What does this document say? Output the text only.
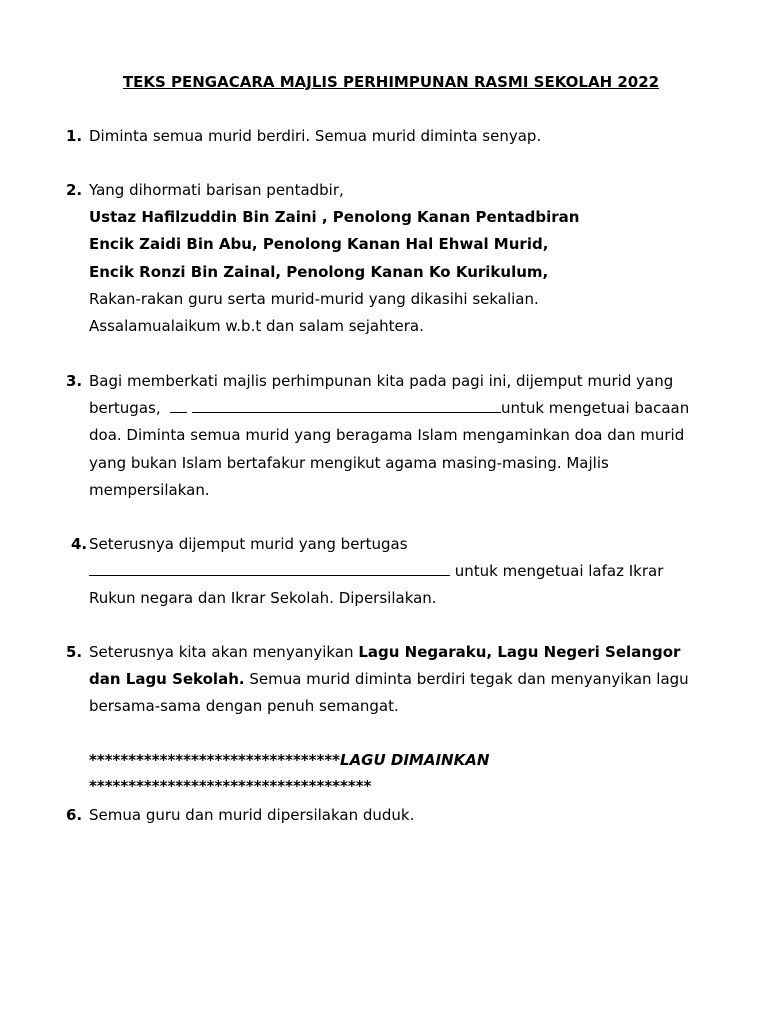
TEKS PENGACARA MAJLIS PERHIMPUNAN RASMI SEKOLAH 2022
1. Diminta semua murid berdiri. Semua murid diminta senyap.
2. Yang dihormati barisan pentadbir,
Ustaz Hafilzuddin Bin Zaini , Penolong Kanan Pentadbiran
Encik Zaidi Bin Abu, Penolong Kanan Hal Ehwal Murid,
Encik Ronzi Bin Zainal, Penolong Kanan Ko Kurikulum,
Rakan-rakan guru serta murid-murid yang dikasihi sekalian.
Assalamualaikum w.b.t dan salam sejahtera.
3. Bagi memberkati majlis perhimpunan kita pada pagi ini, dijemput murid yang
bertugas,	untuk mengetuai bacaan
doa. Diminta semua murid yang beragama Islam mengaminkan doa dan murid
yang bukan Islam bertafakur mengikut agama masing-masing. Majlis
mempersilakan.
4. Seterusnya dijemput murid yang bertugas
untuk mengetuai lafaz Ikrar
Rukun negara dan Ikrar Sekolah. Dipersilakan.
5. Seterusnya kita akan menyanyikan Lagu Negaraku, Lagu Negeri Selangor
dan Lagu Sekolah. Semua murid diminta berdiri tegak dan menyanyikan lagu
bersama-sama dengan penuh semangat.
********************************LAGU DIMAINKAN
************************************
6. Semua guru dan murid dipersilakan duduk.
